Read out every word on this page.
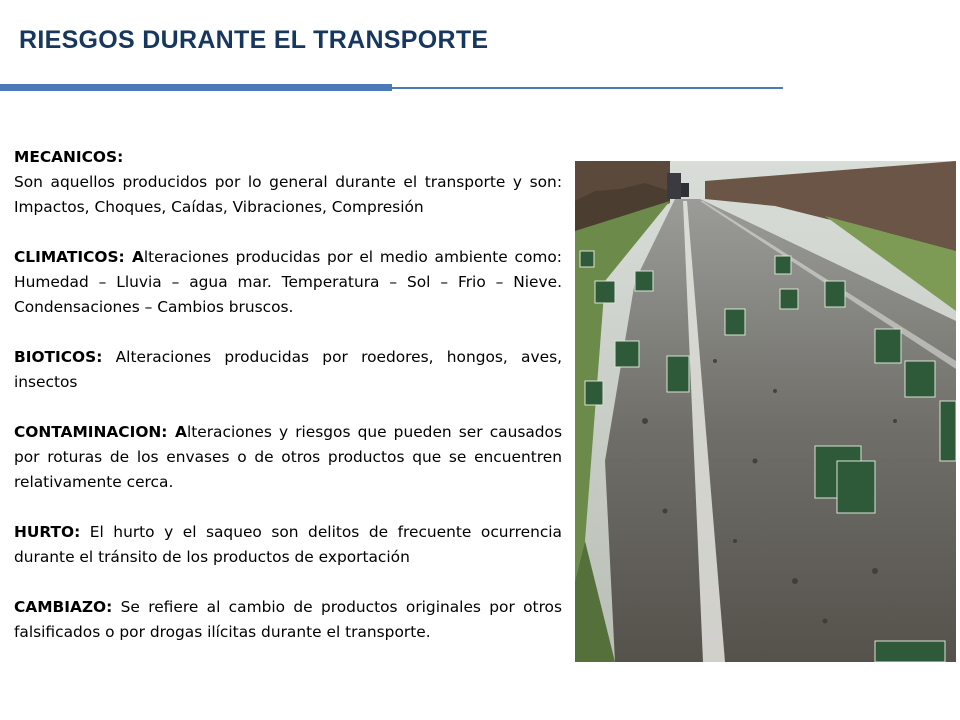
RIESGOS DURANTE EL TRANSPORTE

MECANICOS:
Son aquellos producidos por lo general durante el transporte y son: Impactos, Choques, Caídas, Vibraciones, Compresión

CLIMATICOS: Alteraciones producidas por el medio ambiente como: Humedad – Lluvia – agua mar. Temperatura – Sol – Frio – Nieve. Condensaciones – Cambios bruscos.

BIOTICOS: Alteraciones producidas por roedores, hongos, aves, insectos

CONTAMINACION: Alteraciones y riesgos que pueden ser causados por roturas de los envases o de otros productos que se encuentren relativamente cerca.

HURTO: El hurto y el saqueo son delitos de frecuente ocurrencia durante el tránsito de los productos de exportación

CAMBIAZO: Se refiere al cambio de productos originales por otros falsificados o por drogas ilícitas durante el transporte.
